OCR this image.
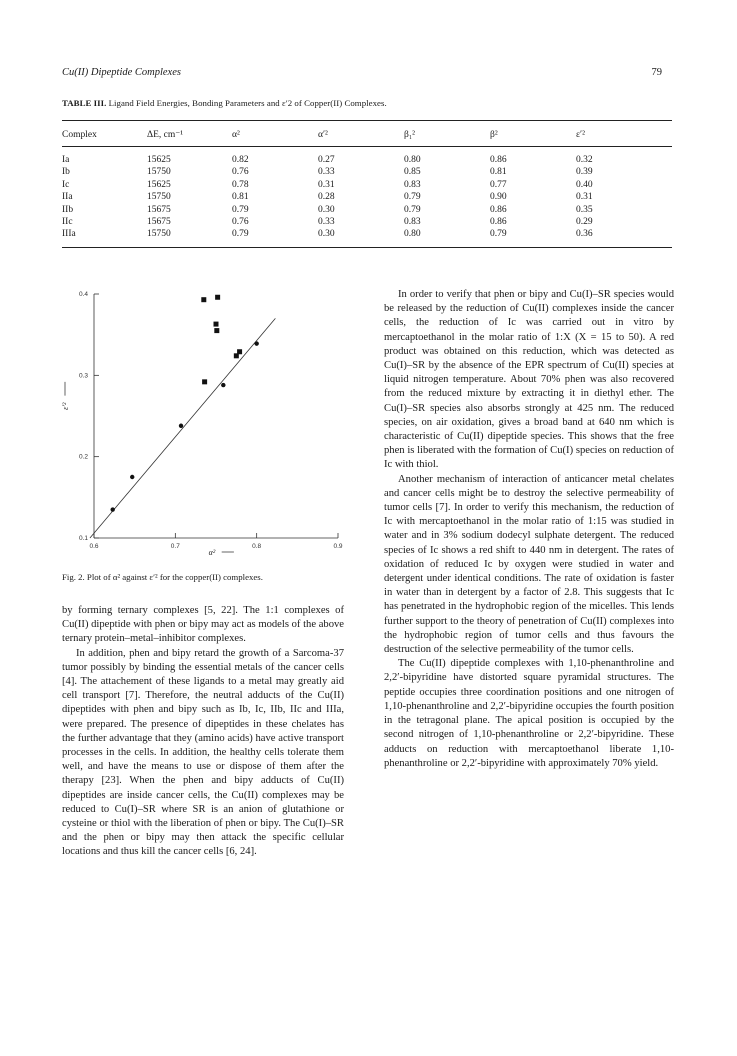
Cu(II) Dipeptide Complexes	79
TABLE III. Ligand Field Energies, Bonding Parameters and ε′2 of Copper(II) Complexes.
Complex	ΔE, cm⁻¹	α²	α′²	β₁²	β²	ε′²
Ia	15625	0.82	0.27	0.80	0.86	0.32
Ib	15750	0.76	0.33	0.85	0.81	0.39
Ic	15625	0.78	0.31	0.83	0.77	0.40
IIa	15750	0.81	0.28	0.79	0.90	0.31
IIb	15675	0.79	0.30	0.79	0.86	0.35
IIc	15675	0.76	0.33	0.83	0.86	0.29
IIIa	15750	0.79	0.30	0.80	0.79	0.36
0.6	0.7	0.8	0.9
0.1
0.2
0.3
0.4
α²
ε′²
Fig. 2. Plot of α² against ε′² for the copper(II) complexes.

by forming ternary complexes [5, 22]. The 1:1 complexes of Cu(II) dipeptide with phen or bipy may act as models of the above ternary protein–metal–inhibitor complexes.

In addition, phen and bipy retard the growth of a Sarcoma-37 tumor possibly by binding the essential metals of the cancer cells [4]. The attachement of these ligands to a metal may greatly aid cell transport [7]. Therefore, the neutral adducts of the Cu(II) dipeptides with phen and bipy such as Ib, Ic, IIb, IIc and IIIa, were prepared. The presence of dipeptides in these chelates has the further advantage that they (amino acids) have active transport processes in the cells. In addition, the healthy cells tolerate them well, and have the means to use or dispose of them after the therapy [23]. When the phen and bipy adducts of Cu(II) dipeptides are inside cancer cells, the Cu(II) complexes may be reduced to Cu(I)–SR where SR is an anion of glutathione or cysteine or thiol with the liberation of phen or bipy. The Cu(I)–SR and the phen or bipy may then attack the specific cellular locations and thus kill the cancer cells [6, 24].

In order to verify that phen or bipy and Cu(I)–SR species would be released by the reduction of Cu(II) complexes inside the cancer cells, the reduction of Ic was carried out in vitro by mercaptoethanol in the molar ratio of 1:X (X = 15 to 50). A red product was obtained on this reduction, which was detected as Cu(I)–SR by the absence of the EPR spectrum of Cu(II) species at liquid nitrogen temperature. About 70% phen was also recovered from the reduced mixture by extracting it in diethyl ether. The Cu(I)–SR species also absorbs strongly at 425 nm. The reduced species, on air oxidation, gives a broad band at 640 nm which is characteristic of Cu(II) dipeptide species. This shows that the free phen is liberated with the formation of Cu(I) species on reduction of Ic with thiol.

Another mechanism of interaction of anticancer metal chelates and cancer cells might be to destroy the selective permeability of tumor cells [7]. In order to verify this mechanism, the reduction of Ic with mercaptoethanol in the molar ratio of 1:15 was studied in water and in 3% sodium dodecyl sulphate detergent. The reduced species of Ic shows a red shift to 440 nm in detergent. The rates of oxidation of reduced Ic by oxygen were studied in water and detergent under identical conditions. The rate of oxidation is faster in water than in detergent by a factor of 2.8. This suggests that Ic has penetrated in the hydrophobic region of the micelles. This lends further support to the theory of penetration of Cu(II) complexes into the hydrophobic region of tumor cells and thus favours the destruction of the selective permeability of the tumor cells.

The Cu(II) dipeptide complexes with 1,10-phenanthroline and 2,2′-bipyridine have distorted square pyramidal structures. The peptide occupies three coordination positions and one nitrogen of 1,10-phenanthroline and 2,2′-bipyridine occupies the fourth position in the tetragonal plane. The apical position is occupied by the second nitrogen of 1,10-phenanthroline or 2,2′-bipyridine. These adducts on reduction with mercaptoethanol liberate 1,10-phenanthroline or 2,2′-bipyridine with approximately 70% yield.
